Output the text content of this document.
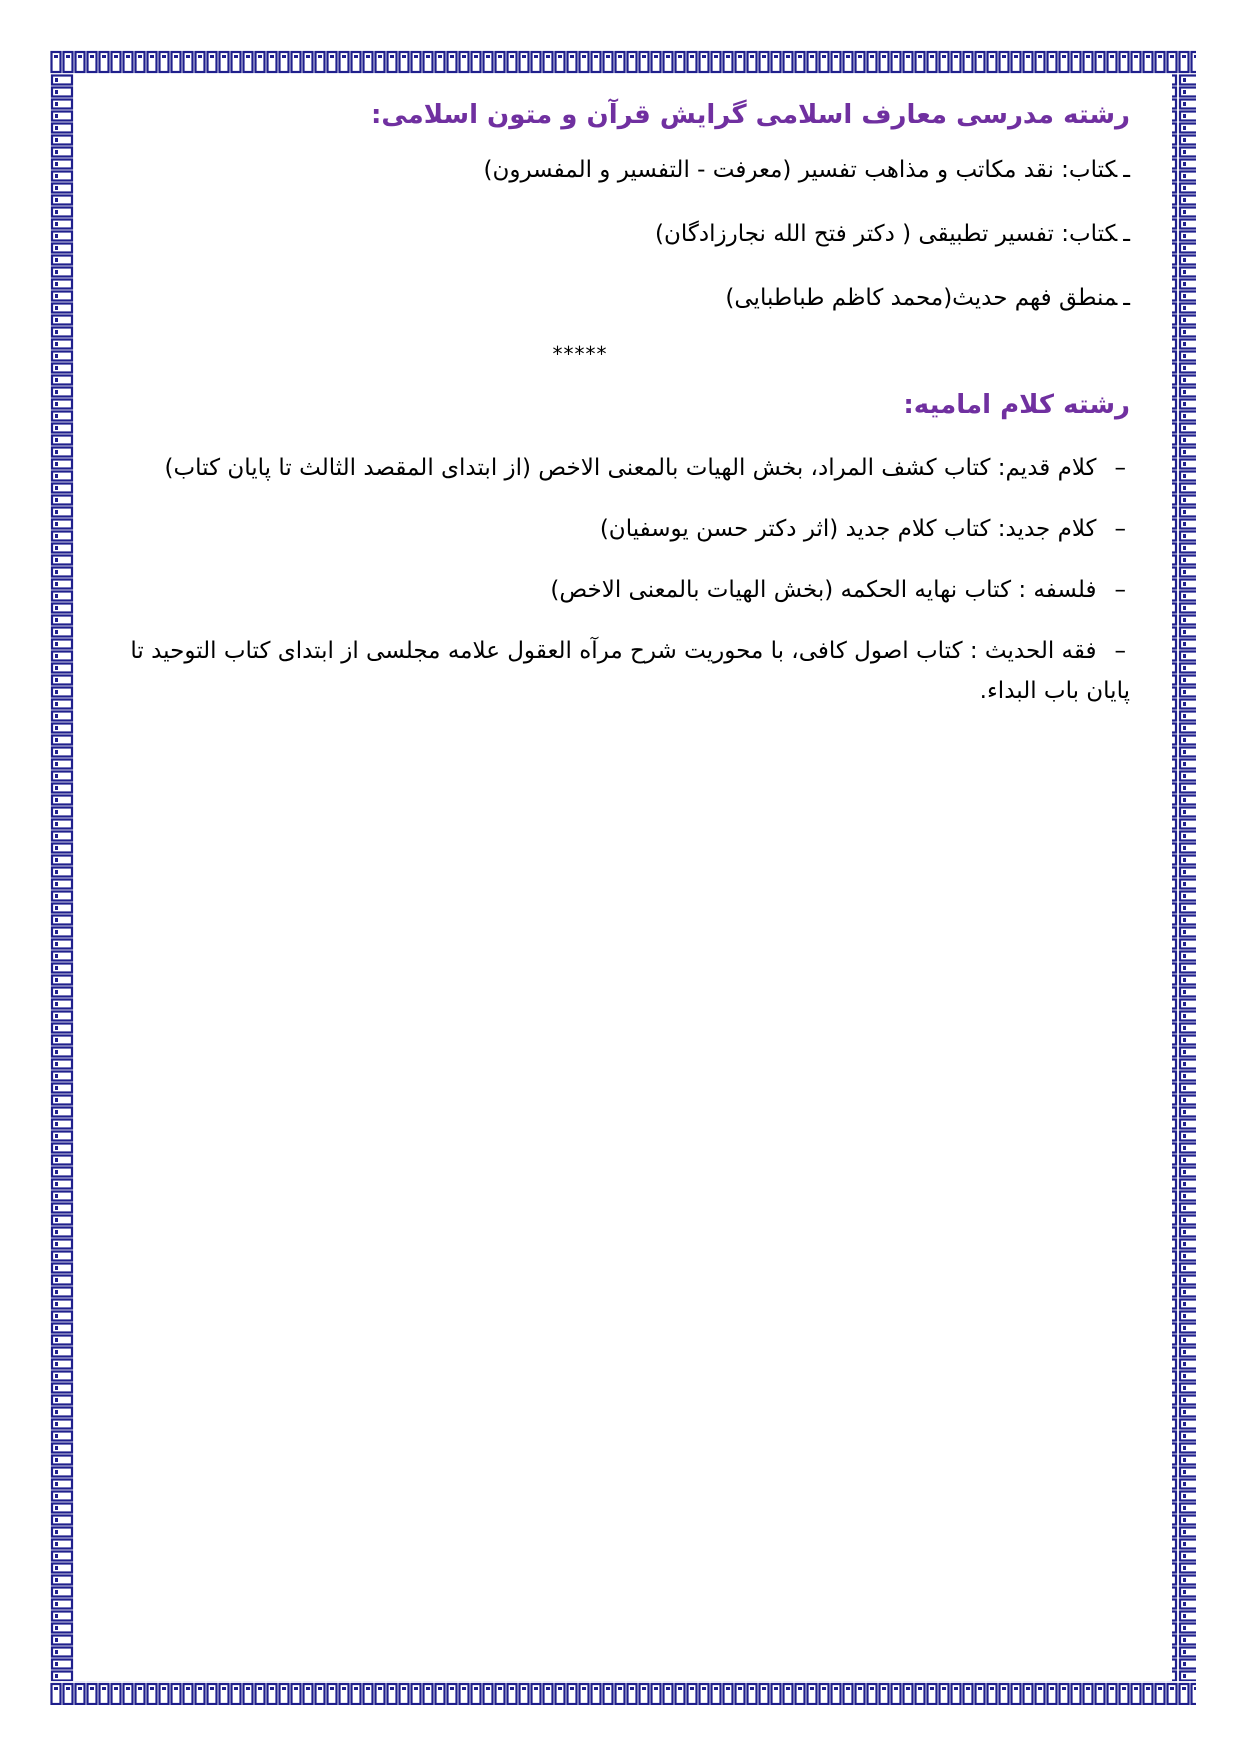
رشته مدرسی معارف اسلامی گرایش قرآن و متون اسلامی:

ـکتاب: نقد مکاتب و مذاهب تفسیر (معرفت - التفسیر و المفسرون)

ـکتاب: تفسیر تطبیقی ( دکتر فتح الله نجارزادگان)

ـمنطق فهم حدیث(محمد کاظم طباطبایی)

*****
رشته کلام امامیه:

–کلام قدیم: کتاب کشف المراد، بخش الهیات بالمعنی الاخص (از ابتدای المقصد الثالث تا پایان کتاب)

–کلام جدید: کتاب کلام جدید (اثر دکتر حسن یوسفیان)

–فلسفه : کتاب نهایه الحکمه (بخش الهیات بالمعنی الاخص)

–فقه الحدیث : کتاب اصول کافی، با محوریت شرح مرآه العقول علامه مجلسی از ابتدای کتاب التوحید تا پایان باب البداء.
